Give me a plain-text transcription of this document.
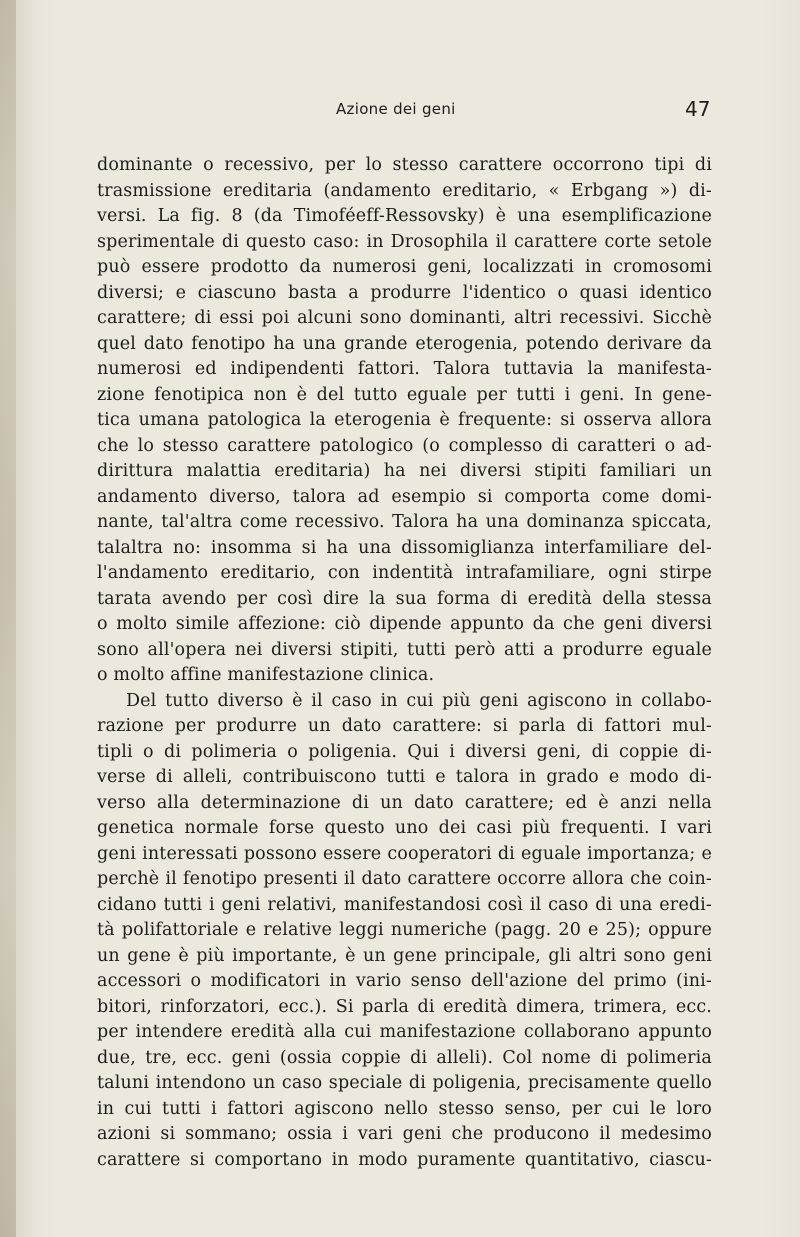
Azione dei geni	47
dominante o recessivo, per lo stesso carattere occorrono tipi di
trasmissione ereditaria (andamento ereditario, « Erbgang ») di-
versi. La fig. 8 (da Timoféeff-Ressovsky) è una esemplificazione
sperimentale di questo caso: in Drosophila il carattere corte setole
può essere prodotto da numerosi geni, localizzati in cromosomi
diversi; e ciascuno basta a produrre l'identico o quasi identico
carattere; di essi poi alcuni sono dominanti, altri recessivi. Sicchè
quel dato fenotipo ha una grande eterogenia, potendo derivare da
numerosi ed indipendenti fattori. Talora tuttavia la manifesta-
zione fenotipica non è del tutto eguale per tutti i geni. In gene-
tica umana patologica la eterogenia è frequente: si osserva allora
che lo stesso carattere patologico (o complesso di caratteri o ad-
dirittura malattia ereditaria) ha nei diversi stipiti familiari un
andamento diverso, talora ad esempio si comporta come domi-
nante, tal'altra come recessivo. Talora ha una dominanza spiccata,
talaltra no: insomma si ha una dissomiglianza interfamiliare del-
l'andamento ereditario, con indentità intrafamiliare, ogni stirpe
tarata avendo per così dire la sua forma di eredità della stessa
o molto simile affezione: ciò dipende appunto da che geni diversi
sono all'opera nei diversi stipiti, tutti però atti a produrre eguale
o molto affine manifestazione clinica.
Del tutto diverso è il caso in cui più geni agiscono in collabo-
razione per produrre un dato carattere: si parla di fattori mul-
tipli o di polimeria o poligenia. Qui i diversi geni, di coppie di-
verse di alleli, contribuiscono tutti e talora in grado e modo di-
verso alla determinazione di un dato carattere; ed è anzi nella
genetica normale forse questo uno dei casi più frequenti. I vari
geni interessati possono essere cooperatori di eguale importanza; e
perchè il fenotipo presenti il dato carattere occorre allora che coin-
cidano tutti i geni relativi, manifestandosi così il caso di una eredi-
tà polifattoriale e relative leggi numeriche (pagg. 20 e 25); oppure
un gene è più importante, è un gene principale, gli altri sono geni
accessori o modificatori in vario senso dell'azione del primo (ini-
bitori, rinforzatori, ecc.). Si parla di eredità dimera, trimera, ecc.
per intendere eredità alla cui manifestazione collaborano appunto
due, tre, ecc. geni (ossia coppie di alleli). Col nome di polimeria
taluni intendono un caso speciale di poligenia, precisamente quello
in cui tutti i fattori agiscono nello stesso senso, per cui le loro
azioni si sommano; ossia i vari geni che producono il medesimo
carattere si comportano in modo puramente quantitativo, ciascu-
